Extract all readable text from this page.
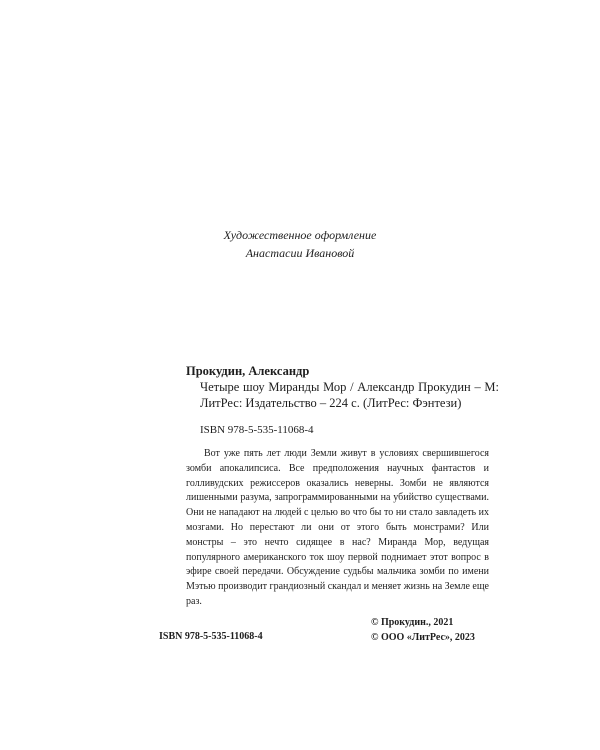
Художественное оформление
Анастасии Ивановой

Прокудин, Александр

Четыре шоу Миранды Мор / Александр Прокудин – М: ЛитРес: Издательство – 224 с. (ЛитРес: Фэнтези)

ISBN 978-5-535-11068-4

Вот уже пять лет люди Земли живут в условиях свершившегося зомби апокалипсиса. Все предположения научных фантастов и голливудских режиссеров оказались неверны. Зомби не являются лишенными разума, запрограммированными на убийство существами. Они не нападают на людей с целью во что бы то ни стало завладеть их мозгами. Но перестают ли они от этого быть монстрами? Или монстры – это нечто сидящее в нас? Миранда Мор, ведущая популярного американского ток шоу первой поднимает этот вопрос в эфире своей передачи. Обсуждение судьбы мальчика зомби по имени Мэтью производит грандиозный скандал и меняет жизнь на Земле еще раз.

ISBN 978-5-535-11068-4
© Прокудин., 2021
© ООО «ЛитРес», 2023
